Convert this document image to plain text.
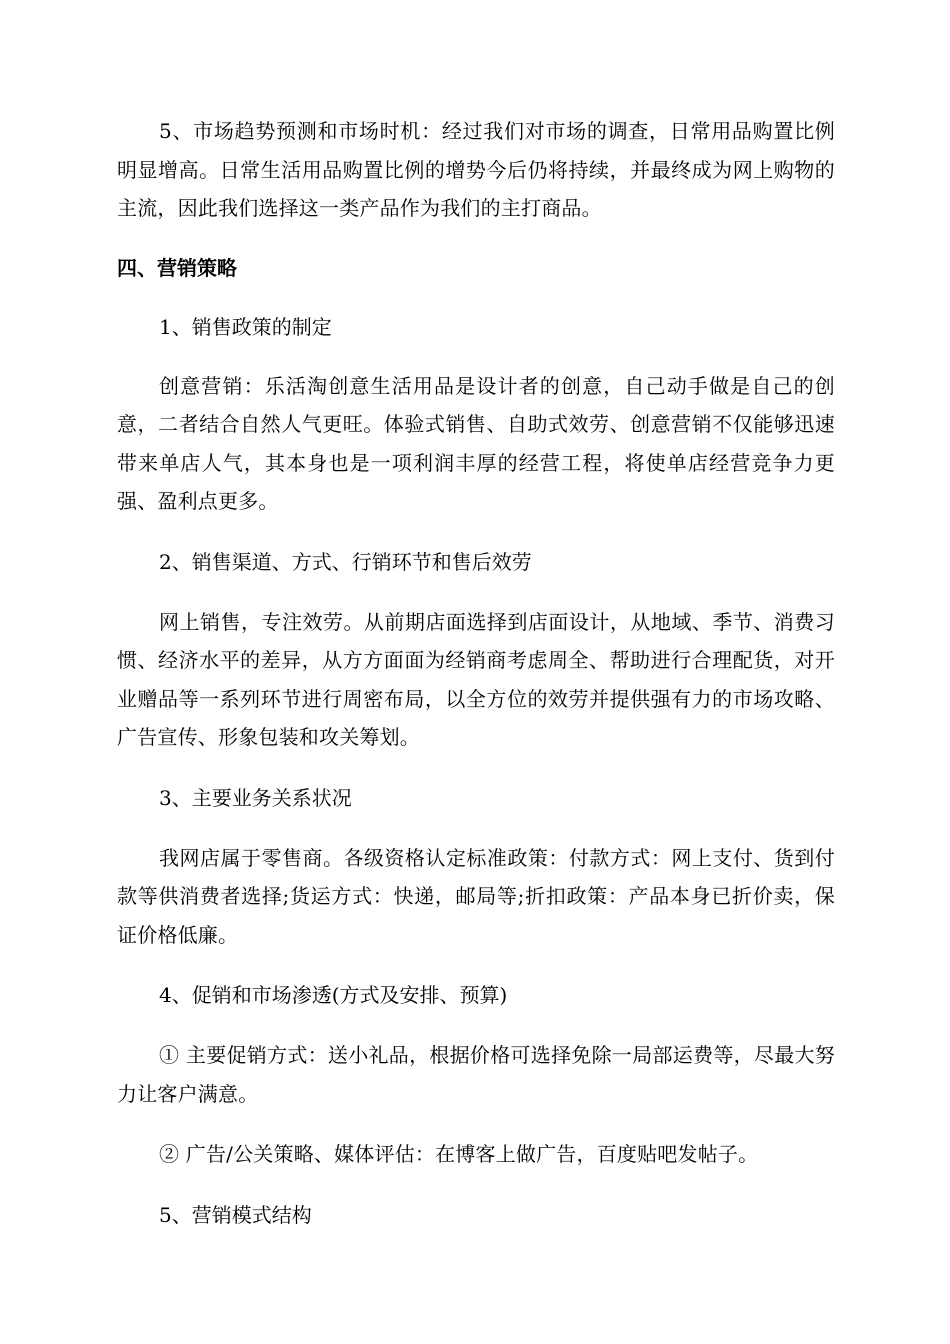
5、市场趋势预测和市场时机：经过我们对市场的调查，日常用品购置比例明显增高。日常生活用品购置比例的增势今后仍将持续，并最终成为网上购物的主流，因此我们选择这一类产品作为我们的主打商品。

四、营销策略

1、销售政策的制定

创意营销：乐活淘创意生活用品是设计者的创意，自己动手做是自己的创意，二者结合自然人气更旺。体验式销售、自助式效劳、创意营销不仅能够迅速带来单店人气，其本身也是一项利润丰厚的经营工程，将使单店经营竞争力更强、盈利点更多。

2、销售渠道、方式、行销环节和售后效劳

网上销售，专注效劳。从前期店面选择到店面设计，从地域、季节、消费习惯、经济水平的差异，从方方面面为经销商考虑周全、帮助进行合理配货，对开业赠品等一系列环节进行周密布局，以全方位的效劳并提供强有力的市场攻略、广告宣传、形象包装和攻关筹划。

3、主要业务关系状况

我网店属于零售商。各级资格认定标准政策：付款方式：网上支付、货到付款等供消费者选择;货运方式：快递，邮局等;折扣政策：产品本身已折价卖，保证价格低廉。

4、促销和市场渗透(方式及安排、预算)

① 主要促销方式：送小礼品，根据价格可选择免除一局部运费等，尽最大努力让客户满意。

② 广告/公关策略、媒体评估：在博客上做广告，百度贴吧发帖子。

5、营销模式结构
